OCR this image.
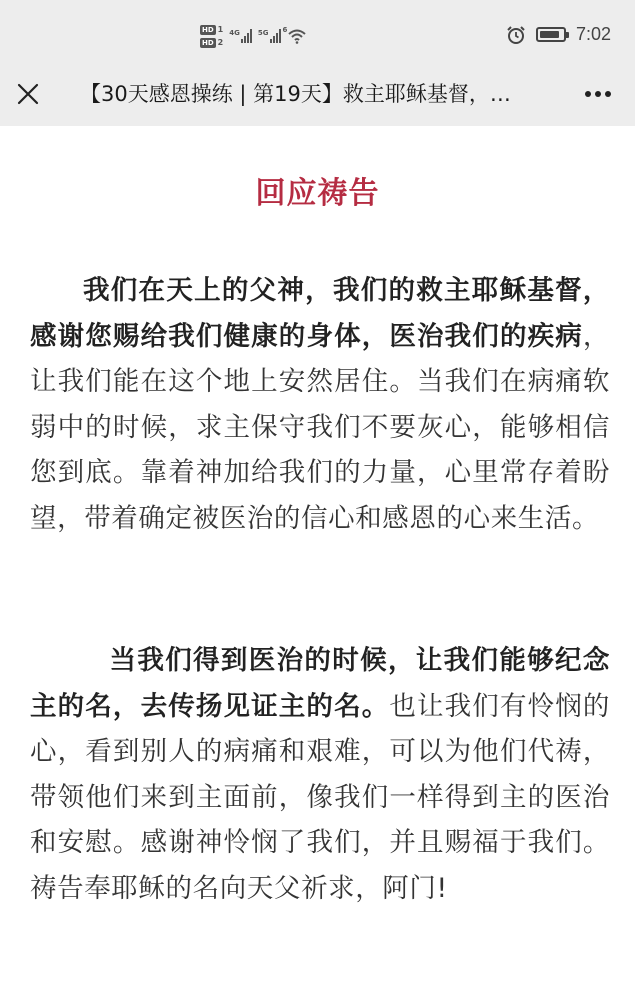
HD 1
HD 2
4G	5G 6	7:02
【30天感恩操练 | 第19天】救主耶稣基督，…
回应祷告

我们在天上的父神，我们的救主耶稣基督，感谢您赐给我们健康的身体，医治我们的疾病，让我们能在这个地上安然居住。当我们在病痛软弱中的时候，求主保守我们不要灰心，能够相信您到底。靠着神加给我们的力量，心里常存着盼望，带着确定被医治的信心和感恩的心来生活。

当我们得到医治的时候，让我们能够纪念主的名，去传扬见证主的名。也让我们有怜悯的心，看到别人的病痛和艰难，可以为他们代祷，带领他们来到主面前，像我们一样得到主的医治和安慰。感谢神怜悯了我们，并且赐福于我们。祷告奉耶稣的名向天父祈求，阿门!
